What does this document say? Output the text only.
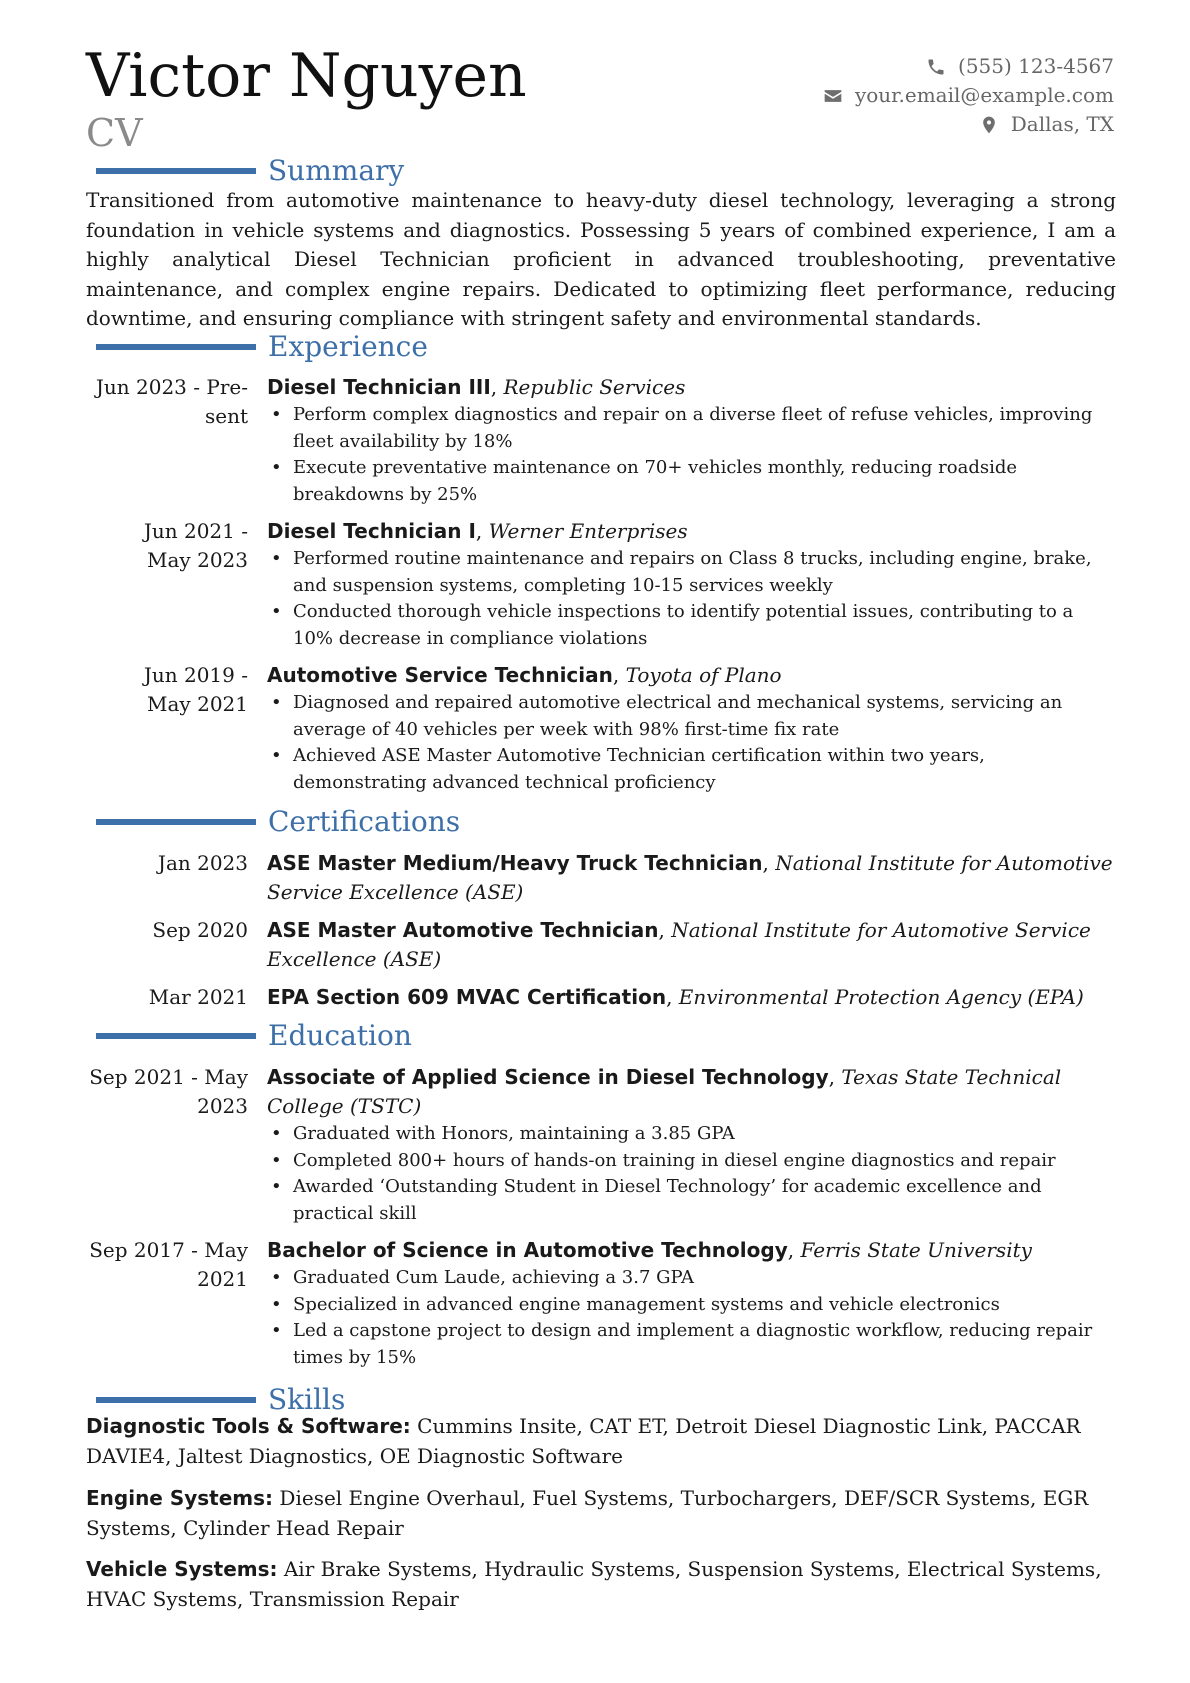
Victor Nguyen
CV
(555) 123-4567
your.email@example.com
Dallas, TX
Summary
Transitioned from automotive maintenance to heavy-duty diesel technology, leveraging a strong foundation in vehicle systems and diagnostics. Possessing 5 years of combined experience, I am a highly analytical Diesel Technician proficient in advanced troubleshooting, preventative maintenance, and complex engine repairs. Dedicated to optimizing fleet performance, reducing downtime, and ensuring compliance with stringent safety and environmental standards.
Experience
Jun 2023 - Pre-
sent
Diesel Technician III, Republic Services
• Perform complex diagnostics and repair on a diverse fleet of refuse vehicles, improving fleet availability by 18%
• Execute preventative maintenance on 70+ vehicles monthly, reducing roadside breakdowns by 25%
Jun 2021 -
May 2023
Diesel Technician I, Werner Enterprises
• Performed routine maintenance and repairs on Class 8 trucks, including engine, brake, and suspension systems, completing 10-15 services weekly
• Conducted thorough vehicle inspections to identify potential issues, contributing to a 10% decrease in compliance violations
Jun 2019 -
May 2021
Automotive Service Technician, Toyota of Plano
• Diagnosed and repaired automotive electrical and mechanical systems, servicing an average of 40 vehicles per week with 98% first-time fix rate
• Achieved ASE Master Automotive Technician certification within two years, demonstrating advanced technical proficiency
Certifications
Jan 2023 ASE Master Medium/Heavy Truck Technician, National Institute for Automotive Service Excellence (ASE)
Sep 2020 ASE Master Automotive Technician, National Institute for Automotive Service Excellence (ASE)
Mar 2021 EPA Section 609 MVAC Certification, Environmental Protection Agency (EPA)
Education
Sep 2021 - May
2023
Associate of Applied Science in Diesel Technology, Texas State Technical College (TSTC)
• Graduated with Honors, maintaining a 3.85 GPA
• Completed 800+ hours of hands-on training in diesel engine diagnostics and repair
• Awarded ‘Outstanding Student in Diesel Technology’ for academic excellence and practical skill
Sep 2017 - May
2021
Bachelor of Science in Automotive Technology, Ferris State University
• Graduated Cum Laude, achieving a 3.7 GPA
• Specialized in advanced engine management systems and vehicle electronics
• Led a capstone project to design and implement a diagnostic workflow, reducing repair times by 15%
Skills
Diagnostic Tools & Software: Cummins Insite, CAT ET, Detroit Diesel Diagnostic Link, PACCAR DAVIE4, Jaltest Diagnostics, OE Diagnostic Software
Engine Systems: Diesel Engine Overhaul, Fuel Systems, Turbochargers, DEF/SCR Systems, EGR Systems, Cylinder Head Repair
Vehicle Systems: Air Brake Systems, Hydraulic Systems, Suspension Systems, Electrical Systems, HVAC Systems, Transmission Repair
